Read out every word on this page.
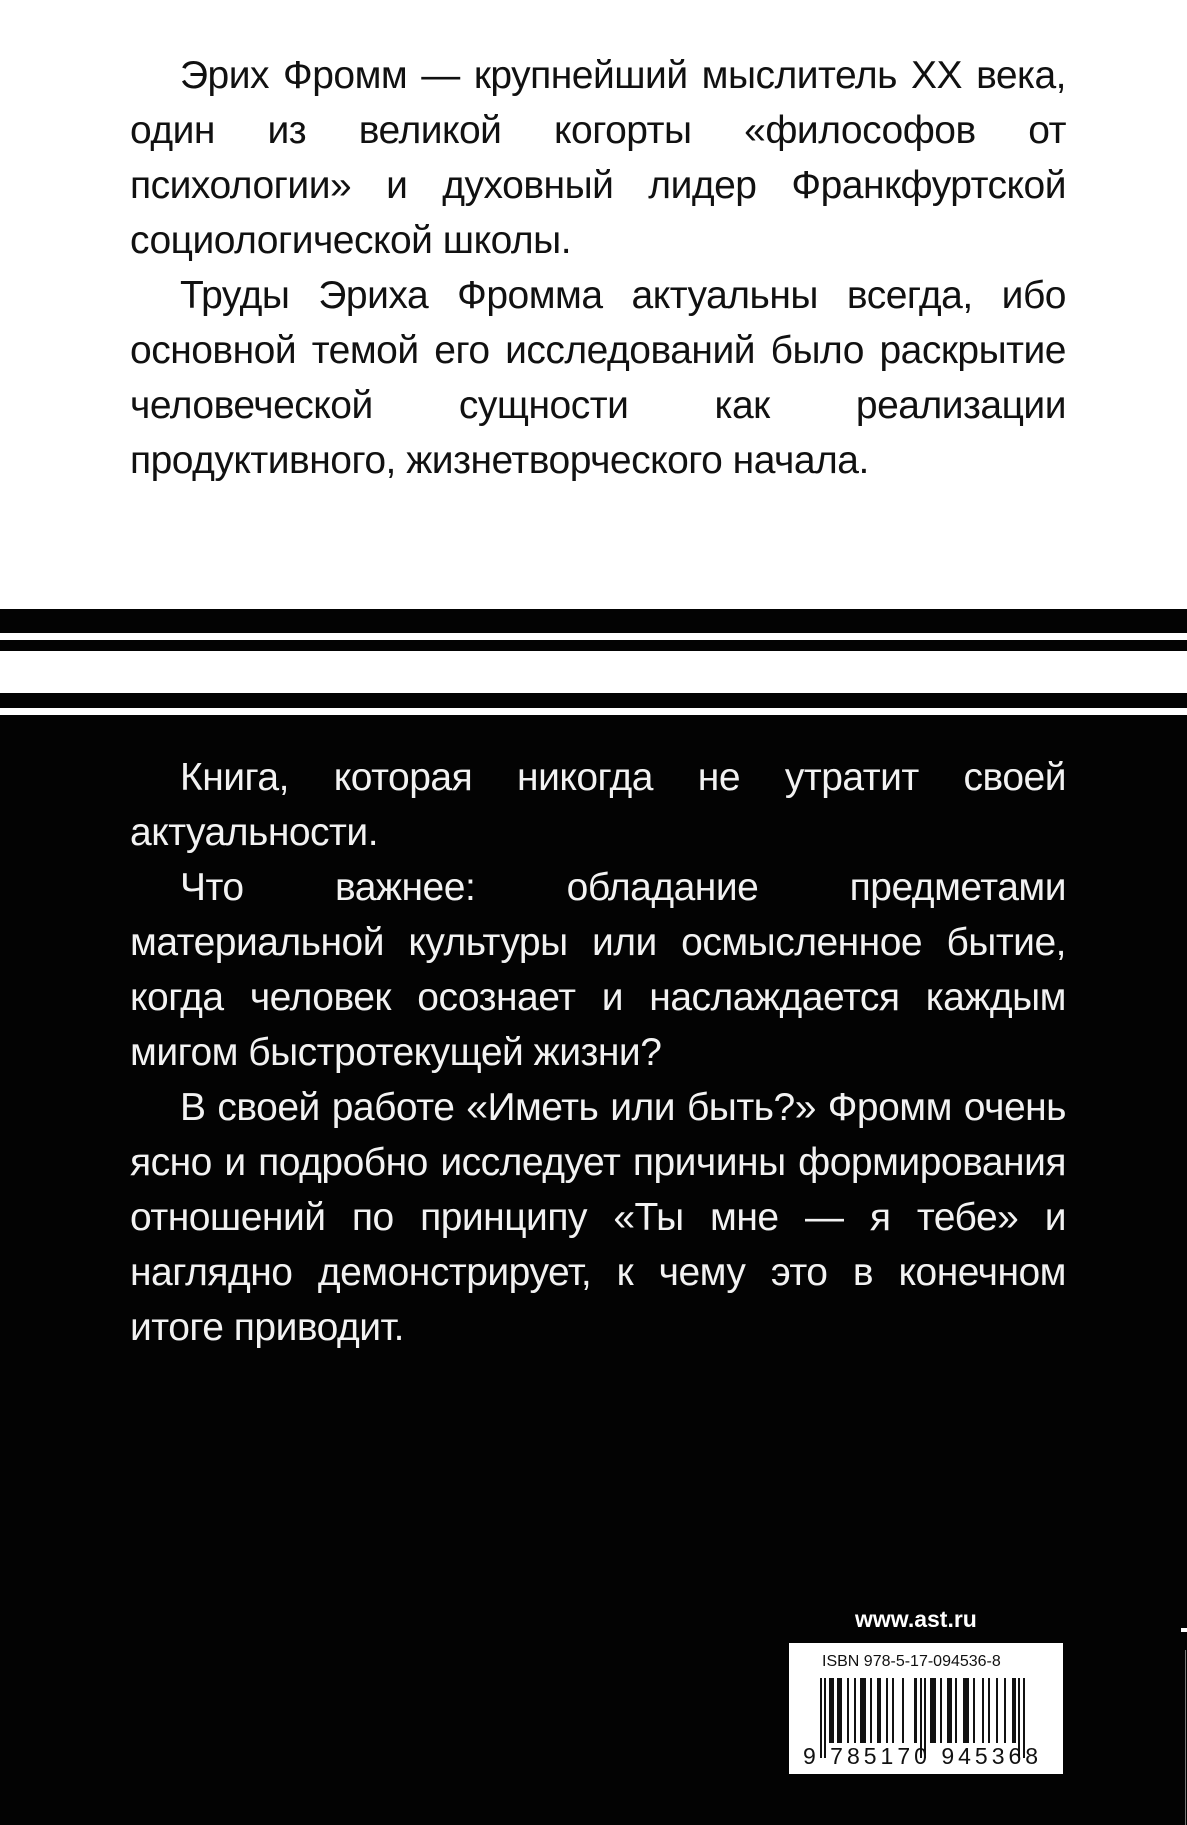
Эрих Фромм — крупнейший мыслитель XX века, один из великой когорты «философов от психологии» и духовный лидер Франкфуртской социологической школы.

Труды Эриха Фромма актуальны всегда, ибо основной темой его исследований было раскрытие человеческой сущности как реализации продуктивного, жизнетворческого начала.

Книга, которая никогда не утратит своей актуальности.

Что важнее: обладание предметами материальной культуры или осмысленное бытие, когда человек осознает и наслаждается каждым мигом быстротекущей жизни?

В своей работе «Иметь или быть?» Фромм очень ясно и подробно исследует причины формирования отношений по принципу «Ты мне — я тебе» и наглядно демонстрирует, к чему это в конечном итоге приводит.

www.ast.ru
ISBN 978-5-17-094536-8
9 785170 945368
